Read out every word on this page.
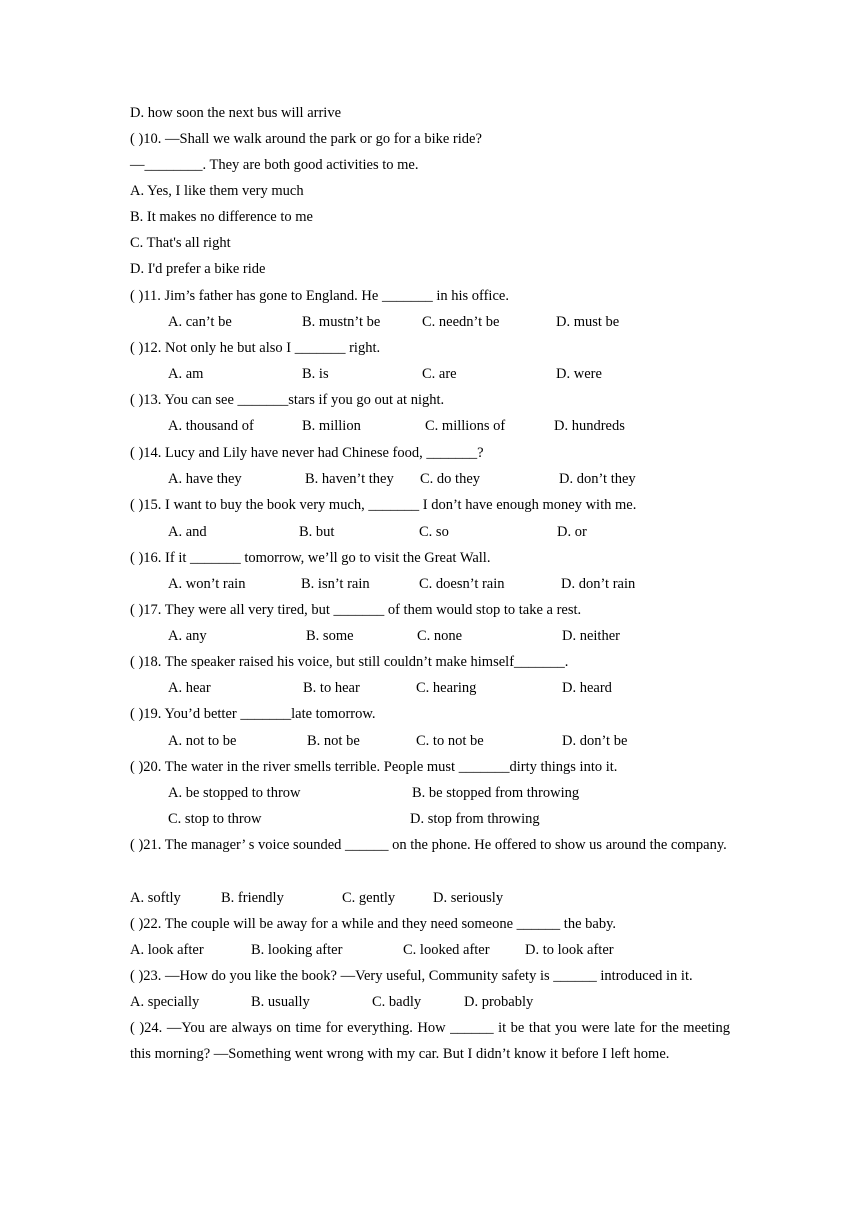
D. how soon the next bus will arrive
( )10. —Shall we walk around the park or go for a bike ride?
—________. They are both good activities to me.
A. Yes, I like them very much
B. It makes no difference to me
C. That's all right
D. I'd prefer a bike ride
( )11. Jim’s father has gone to England. He _______ in his office.
A. can’t be	B. mustn’t be	C. needn’t be	D. must be
( )12. Not only he but also I _______ right.
A. am	B. is	C. are	D. were
( )13. You can see _______stars if you go out at night.
A. thousand of	B. million	C. millions of	D. hundreds
( )14. Lucy and Lily have never had Chinese food, _______?
A. have they	B. haven’t they C. do they	D. don’t they
( )15. I want to buy the book very much, _______ I don’t have enough money with me.
A. and	B. but	C. so	D. or
( )16. If it _______ tomorrow, we’ll go to visit the Great Wall.
A. won’t rain	B. isn’t rain	C. doesn’t rain	D. don’t rain
( )17. They were all very tired, but _______ of them would stop to take a rest.
A. any	B. some	C. none	D. neither
( )18. The speaker raised his voice, but still couldn’t make himself_______.
A. hear	B. to hear	C. hearing	D. heard
( )19. You’d better _______late tomorrow.
A. not to be	B. not be	C. to not be	D. don’t be
( )20. The water in the river smells terrible. People must _______dirty things into it.
A. be stopped to throw	B. be stopped from throwing
C. stop to throw	D. stop from throwing
( )21. The manager’ s voice sounded ______ on the phone. He offered to show us around the company.
A. softly	B. friendly	C. gently	D. seriously
( )22. The couple will be away for a while and they need someone ______ the baby.
A. look after	B. looking after	C. looked after D. to look after
( )23. —How do you like the book? —Very useful, Community safety is ______ introduced in it.
A. specially	B. usually	C. badly	D. probably
( )24. —You are always on time for everything. How ______ it be that you were late for the meeting this morning? —Something went wrong with my car. But I didn’t know it before I left home.
